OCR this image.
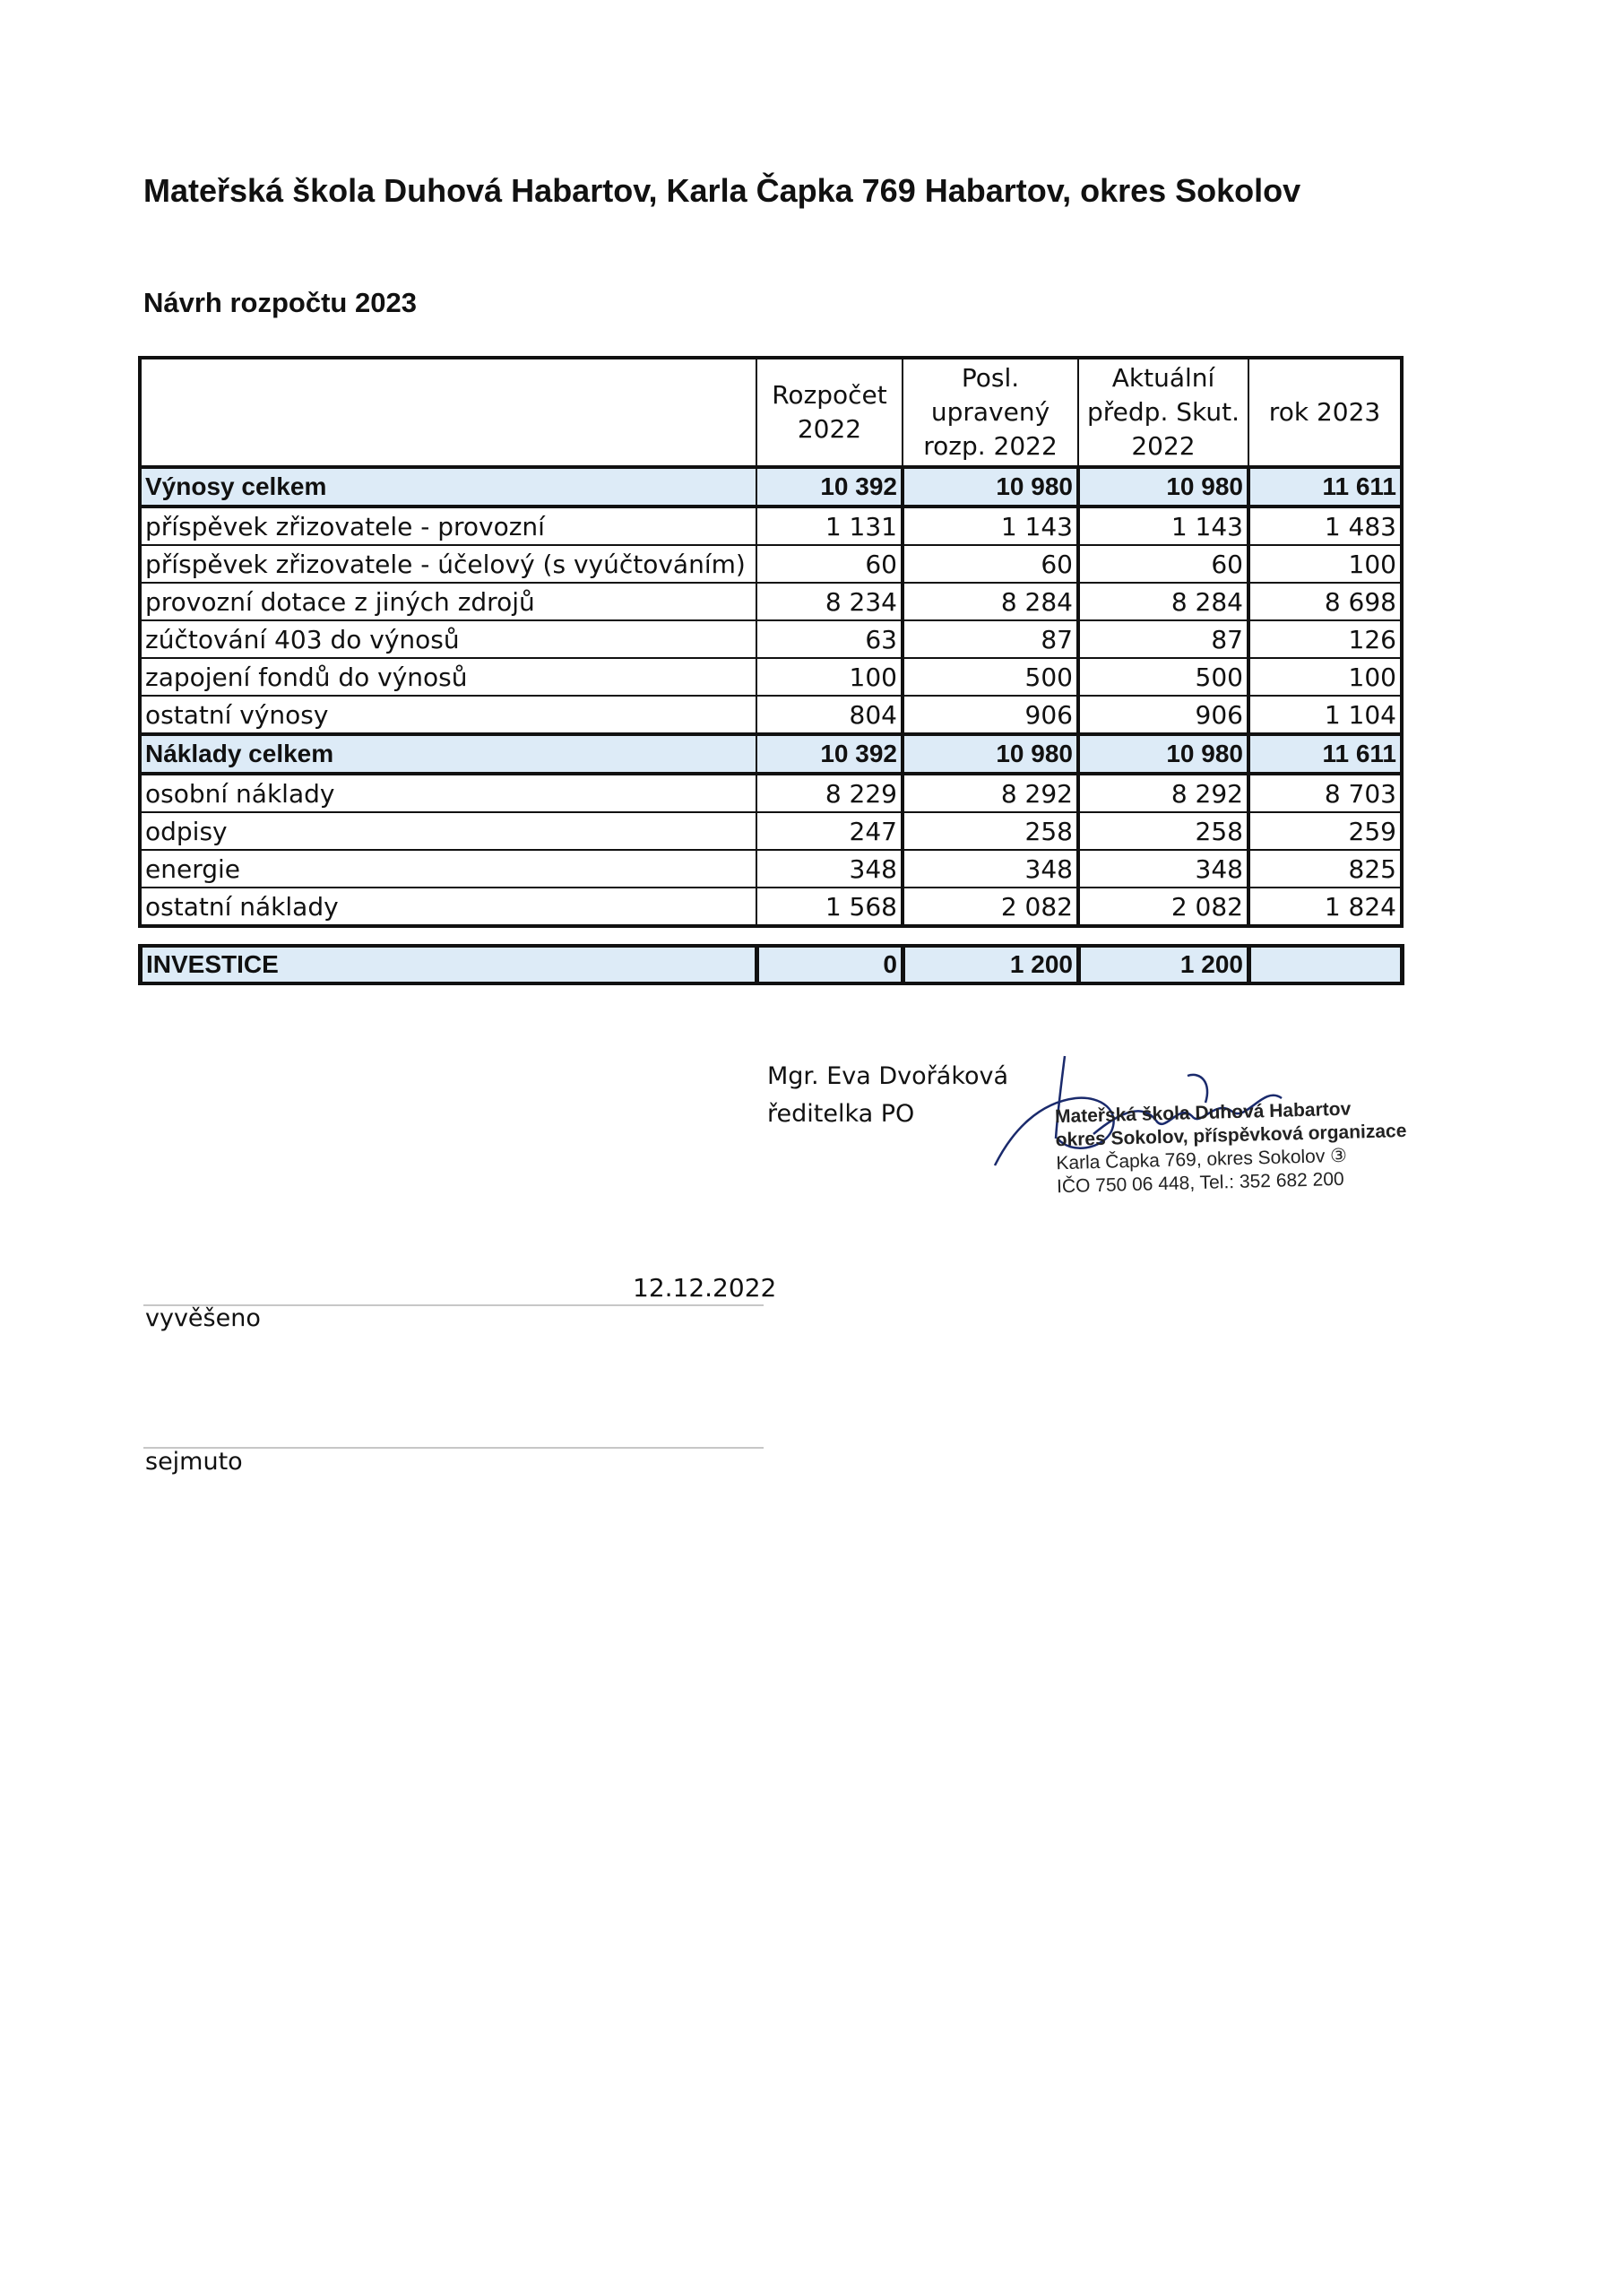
Mateřská škola Duhová Habartov, Karla Čapka 769 Habartov, okres Sokolov
Návrh rozpočtu 2023
	Rozpočet 2022	Posl. upravený rozp. 2022	Aktuální předp. Skut. 2022	rok 2023
Výnosy celkem	10 392	10 980	10 980	11 611
příspěvek zřizovatele - provozní	1 131	1 143	1 143	1 483
příspěvek zřizovatele - účelový (s vyúčtováním)	60	60	60	100
provozní dotace z jiných zdrojů	8 234	8 284	8 284	8 698
zúčtování 403 do výnosů	63	87	87	126
zapojení fondů do výnosů	100	500	500	100
ostatní výnosy	804	906	906	1 104
Náklady celkem	10 392	10 980	10 980	11 611
osobní náklady	8 229	8 292	8 292	8 703
odpisy	247	258	258	259
energie	348	348	348	825
ostatní náklady	1 568	2 082	2 082	1 824
INVESTICE	0	1 200	1 200	
Mgr. Eva Dvořáková
ředitelka PO	Mateřská škola Duhová Habartov
okres Sokolov, příspěvková organizace
Karla Čapka 769, okres Sokolov ③
IČO 750 06 448, Tel.: 352 682 200
12.12.2022
vyvěšeno
sejmuto
